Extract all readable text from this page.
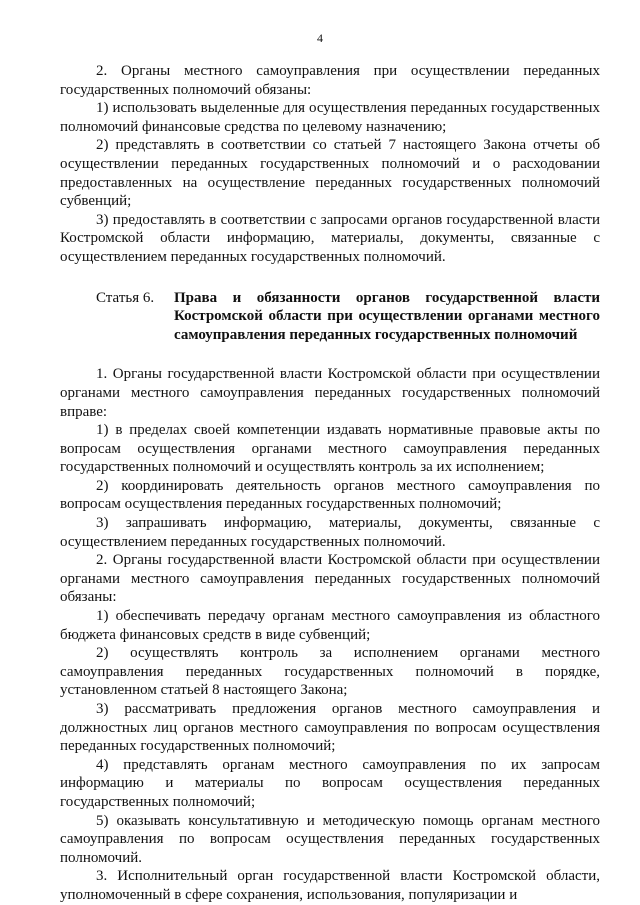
4

2. Органы местного самоуправления при осуществлении переданных государственных полномочий обязаны:

1) использовать выделенные для осуществления переданных государственных полномочий финансовые средства по целевому назначению;

2) представлять в соответствии со статьей 7 настоящего Закона отчеты об осуществлении переданных государственных полномочий и о расходовании предоставленных на осуществление переданных государственных полномочий субвенций;

3) предоставлять в соответствии с запросами органов государственной власти Костромской области информацию, материалы, документы, связанные с осуществлением переданных государственных полномочий.

Статья 6.	Права и обязанности органов государственной власти Костромской области при осуществлении органами местного самоуправления переданных государственных полномочий

1. Органы государственной власти Костромской области при осуществлении органами местного самоуправления переданных государственных полномочий вправе:

1) в пределах своей компетенции издавать нормативные правовые акты по вопросам осуществления органами местного самоуправления переданных государственных полномочий и осуществлять контроль за их исполнением;

2) координировать деятельность органов местного самоуправления по вопросам осуществления переданных государственных полномочий;

3) запрашивать информацию, материалы, документы, связанные с осуществлением переданных государственных полномочий.

2. Органы государственной власти Костромской области при осуществлении органами местного самоуправления переданных государственных полномочий обязаны:

1) обеспечивать передачу органам местного самоуправления из областного бюджета финансовых средств в виде субвенций;

2) осуществлять контроль за исполнением органами местного самоуправления переданных государственных полномочий в порядке, установленном статьей 8 настоящего Закона;

3) рассматривать предложения органов местного самоуправления и должностных лиц органов местного самоуправления по вопросам осуществления переданных государственных полномочий;

4) представлять органам местного самоуправления по их запросам информацию и материалы по вопросам осуществления переданных государственных полномочий;

5) оказывать консультативную и методическую помощь органам местного самоуправления по вопросам осуществления переданных государственных полномочий.

3. Исполнительный орган государственной власти Костромской области, уполномоченный в сфере сохранения, использования, популяризации и
